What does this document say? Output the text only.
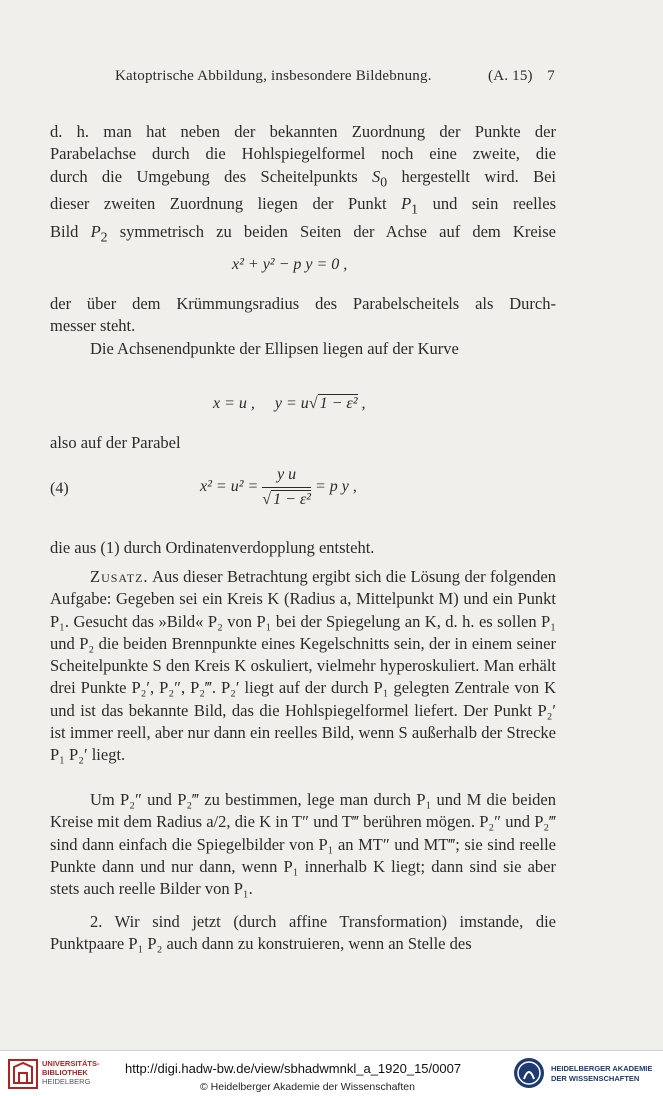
Katoptrische Abbildung, insbesondere Bildebnung.	(A. 15) 7

d. h. man hat neben der bekannten Zuordnung der Punkte der

Parabelachse durch die Hohlspiegelformel noch eine zweite, die

durch die Umgebung des Scheitelpunkts $S_0$ hergestellt wird. Bei

dieser zweiten Zuordnung liegen der Punkt $P_1$ und sein reelles

Bild $P_2$ symmetrisch zu beiden Seiten der Achse auf dem Kreise

x² + y² − p y = 0 ,

der über dem Krümmungsradius des Parabelscheitels als Durch-

messer steht.

Die Achsenendpunkte der Ellipsen liegen auf der Kurve

x = u , y = u√ 1 − ε² ,

also auf der Parabel

(4)	$x^2 = u^2 = \frac{\text{y u}}{\text{√ 1 − ε²}} = p$ y ,

die aus (1) durch Ordinatenverdopplung entsteht.

Zusatz. Aus dieser Betrachtung ergibt sich die Lösung der folgenden Aufgabe: Gegeben sei ein Kreis K (Radius a, Mittelpunkt M) und ein Punkt P₁. Gesucht das »Bild« P₂ von P₁ bei der Spiegelung an K, d. h. es sollen P₁ und P₂ die beiden Brennpunkte eines Kegelschnitts sein, der in einem seiner Scheitelpunkte S den Kreis K oskuliert, vielmehr hyperoskuliert. Man erhält drei Punkte P₂′, P₂″, P₂‴. P₂′ liegt auf der durch P₁ gelegten Zentrale von K und ist das bekannte Bild, das die Hohlspiegelformel liefert. Der Punkt P₂′ ist immer reell, aber nur dann ein reelles Bild, wenn S außerhalb der Strecke P₁ P₂′ liegt.

Um P₂″ und P₂‴ zu bestimmen, lege man durch P₁ und M die beiden Kreise mit dem Radius a/2, die K in T″ und T‴ berühren mögen. P₂″ und P₂‴ sind dann einfach die Spiegelbilder von P₁ an MT″ und MT‴; sie sind reelle Punkte dann und nur dann, wenn P₁ innerhalb K liegt; dann sind sie aber stets auch reelle Bilder von P₁.

2. Wir sind jetzt (durch affine Transformation) imstande, die Punktpaare P₁ P₂ auch dann zu konstruieren, wenn an Stelle des

UNIVERSITÄTS-
BIBLIOTHEK
HEIDELBERG
http://digi.hadw-bw.de/view/sbhadwmnkl_a_1920_15/0007
© Heidelberger Akademie der Wissenschaften
HEIDELBERGER AKADEMIE
DER WISSENSCHAFTEN
